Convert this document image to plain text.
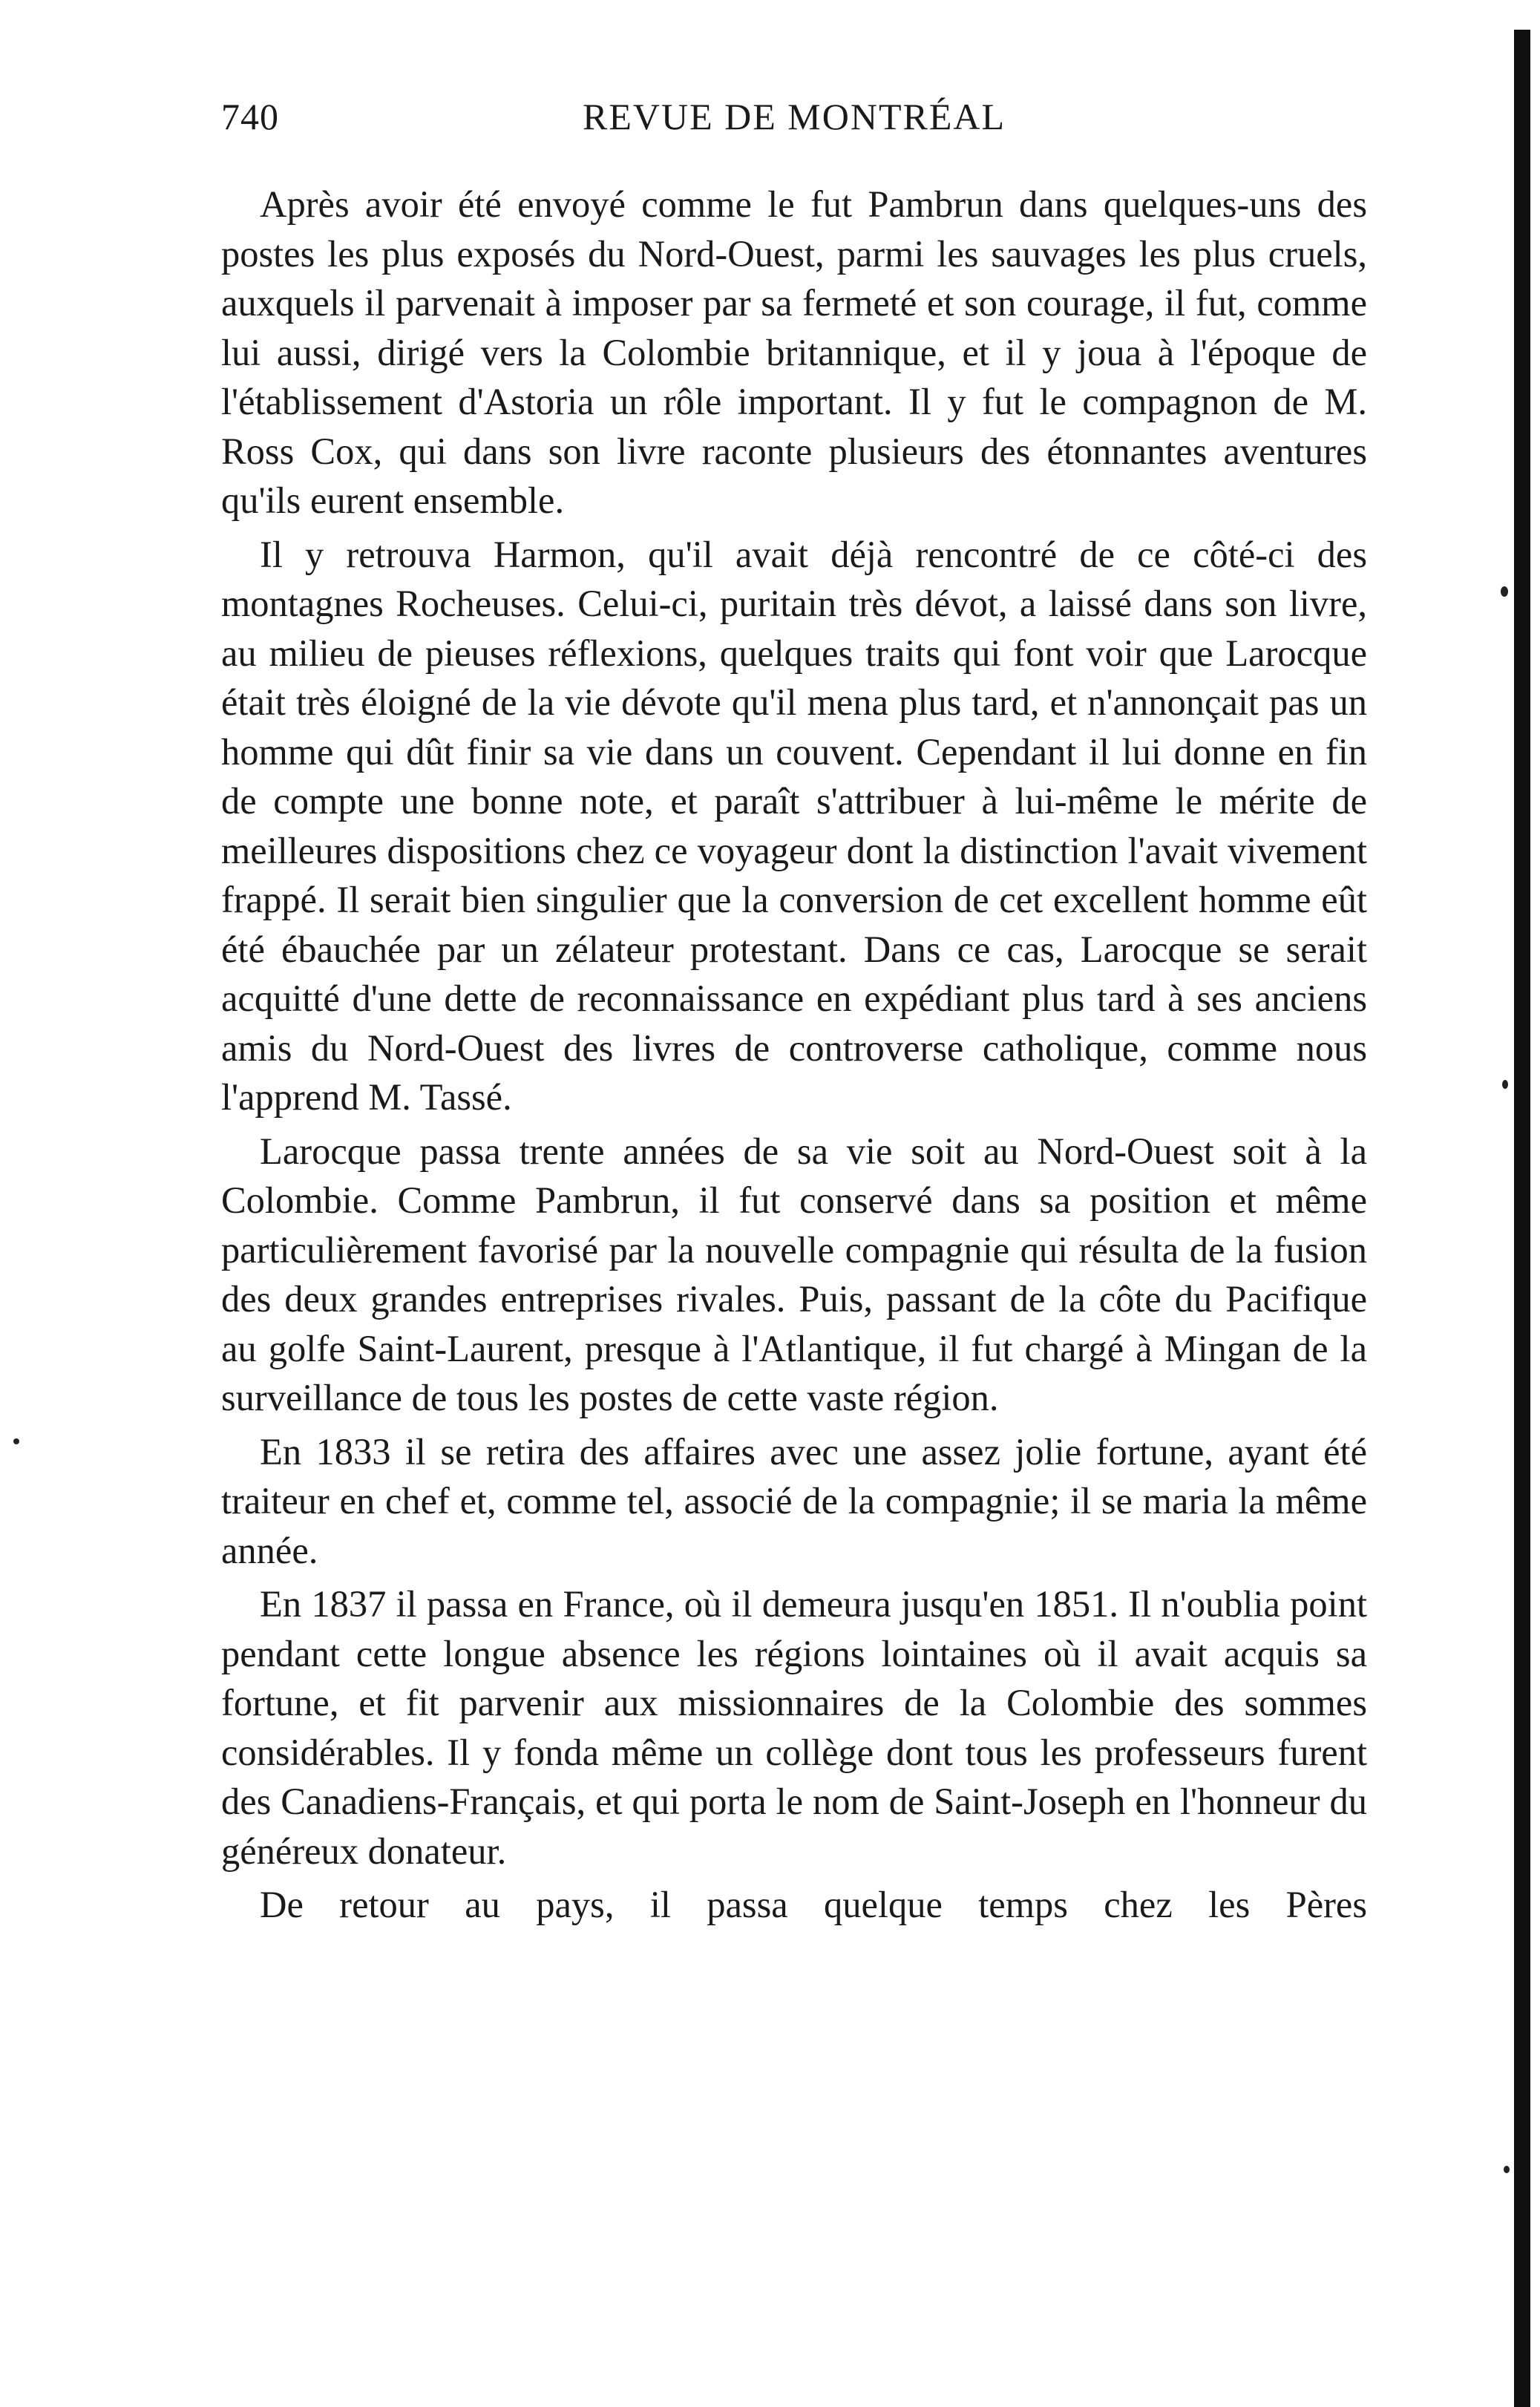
740	REVUE DE MONTRÉAL

Après avoir été envoyé comme le fut Pambrun dans quelques-uns des postes les plus exposés du Nord-Ouest, parmi les sauvages les plus cruels, auxquels il parvenait à imposer par sa fermeté et son courage, il fut, comme lui aussi, dirigé vers la Colombie britannique, et il y joua à l'époque de l'établissement d'Astoria un rôle important. Il y fut le compagnon de M. Ross Cox, qui dans son livre raconte plusieurs des étonnantes aventures qu'ils eurent ensemble.

Il y retrouva Harmon, qu'il avait déjà rencontré de ce côté-ci des montagnes Rocheuses. Celui-ci, puritain très dévot, a laissé dans son livre, au milieu de pieuses réflexions, quelques traits qui font voir que Larocque était très éloigné de la vie dévote qu'il mena plus tard, et n'annonçait pas un homme qui dût finir sa vie dans un couvent. Cependant il lui donne en fin de compte une bonne note, et paraît s'attribuer à lui-même le mérite de meilleures dispositions chez ce voyageur dont la distinction l'avait vivement frappé. Il serait bien singulier que la conversion de cet excellent homme eût été ébauchée par un zélateur protestant. Dans ce cas, Larocque se serait acquitté d'une dette de reconnaissance en expédiant plus tard à ses anciens amis du Nord-Ouest des livres de controverse catholique, comme nous l'apprend M. Tassé.

Larocque passa trente années de sa vie soit au Nord-Ouest soit à la Colombie. Comme Pambrun, il fut conservé dans sa position et même particulièrement favorisé par la nouvelle compagnie qui résulta de la fusion des deux grandes entreprises rivales. Puis, passant de la côte du Pacifique au golfe Saint-Laurent, presque à l'Atlantique, il fut chargé à Mingan de la surveillance de tous les postes de cette vaste région.

En 1833 il se retira des affaires avec une assez jolie fortune, ayant été traiteur en chef et, comme tel, associé de la compagnie; il se maria la même année.

En 1837 il passa en France, où il demeura jusqu'en 1851. Il n'oublia point pendant cette longue absence les régions lointaines où il avait acquis sa fortune, et fit parvenir aux missionnaires de la Colombie des sommes considérables. Il y fonda même un collège dont tous les professeurs furent des Canadiens-Français, et qui porta le nom de Saint-Joseph en l'honneur du généreux donateur.

De retour au pays, il passa quelque temps chez les Pères
